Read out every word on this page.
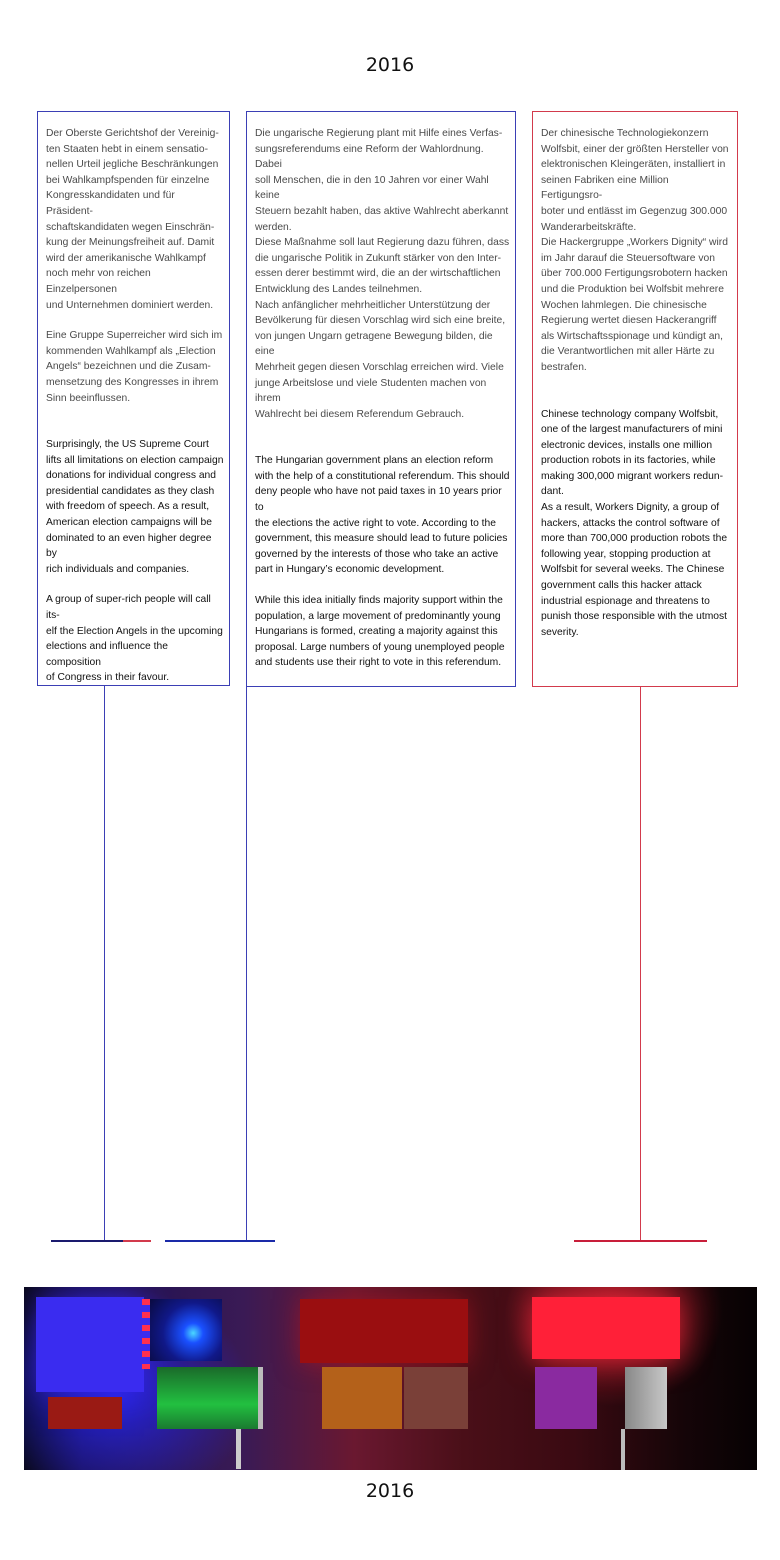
2016

Der Oberste Gerichtshof der Vereinig-
ten Staaten hebt in einem sensatio-
nellen Urteil jegliche Beschränkungen
bei Wahlkampfspenden für einzelne
Kongresskandidaten und für Präsident-
schaftskandidaten wegen Einschrän-
kung der Meinungsfreiheit auf. Damit
wird der amerikanische Wahlkampf
noch mehr von reichen Einzelpersonen
und Unternehmen dominiert werden.

Eine Gruppe Superreicher wird sich im
kommenden Wahlkampf als „Election
Angels“ bezeichnen und die Zusam-
mensetzung des Kongresses in ihrem
Sinn beeinflussen.

Surprisingly, the US Supreme Court
lifts all limitations on election campaign
donations for individual congress and
presidential candidates as they clash
with freedom of speech. As a result,
American election campaigns will be
dominated to an even higher degree by
rich individuals and companies.

A group of super-rich people will call its-
elf the Election Angels in the upcoming
elections and influence the composition
of Congress in their favour.

Die ungarische Regierung plant mit Hilfe eines Verfas-
sungsreferendums eine Reform der Wahlordnung. Dabei
soll Menschen, die in den 10 Jahren vor einer Wahl keine
Steuern bezahlt haben, das aktive Wahlrecht aberkannt
werden.
Diese Maßnahme soll laut Regierung dazu führen, dass
die ungarische Politik in Zukunft stärker von den Inter-
essen derer bestimmt wird, die an der wirtschaftlichen
Entwicklung des Landes teilnehmen.
Nach anfänglicher mehrheitlicher Unterstützung der
Bevölkerung für diesen Vorschlag wird sich eine breite,
von jungen Ungarn getragene Bewegung bilden, die eine
Mehrheit gegen diesen Vorschlag erreichen wird. Viele
junge Arbeitslose und viele Studenten machen von ihrem
Wahlrecht bei diesem Referendum Gebrauch.

The Hungarian government plans an election reform
with the help of a constitutional referendum. This should
deny people who have not paid taxes in 10 years prior to
the elections the active right to vote. According to the
government, this measure should lead to future policies
governed by the interests of those who take an active
part in Hungary’s economic development.

While this idea initially finds majority support within the
population, a large movement of predominantly young
Hungarians is formed, creating a majority against this
proposal. Large numbers of young unemployed people
and students use their right to vote in this referendum.

Der chinesische Technologiekonzern
Wolfsbit, einer der größten Hersteller von
elektronischen Kleingeräten, installiert in
seinen Fabriken eine Million Fertigungsro-
boter und entlässt im Gegenzug 300.000
Wanderarbeitskräfte.
Die Hackergruppe „Workers Dignity“ wird
im Jahr darauf die Steuersoftware von
über 700.000 Fertigungsrobotern hacken
und die Produktion bei Wolfsbit mehrere
Wochen lahmlegen. Die chinesische
Regierung wertet diesen Hackerangriff
als Wirtschaftsspionage und kündigt an,
die Verantwortlichen mit aller Härte zu
bestrafen.

Chinese technology company Wolfsbit,
one of the largest manufacturers of mini
electronic devices, installs one million
production robots in its factories, while
making 300,000 migrant workers redun-
dant.
As a result, Workers Dignity, a group of
hackers, attacks the control software of
more than 700,000 production robots the
following year, stopping production at
Wolfsbit for several weeks. The Chinese
government calls this hacker attack
industrial espionage and threatens to
punish those responsible with the utmost
severity.

2016
